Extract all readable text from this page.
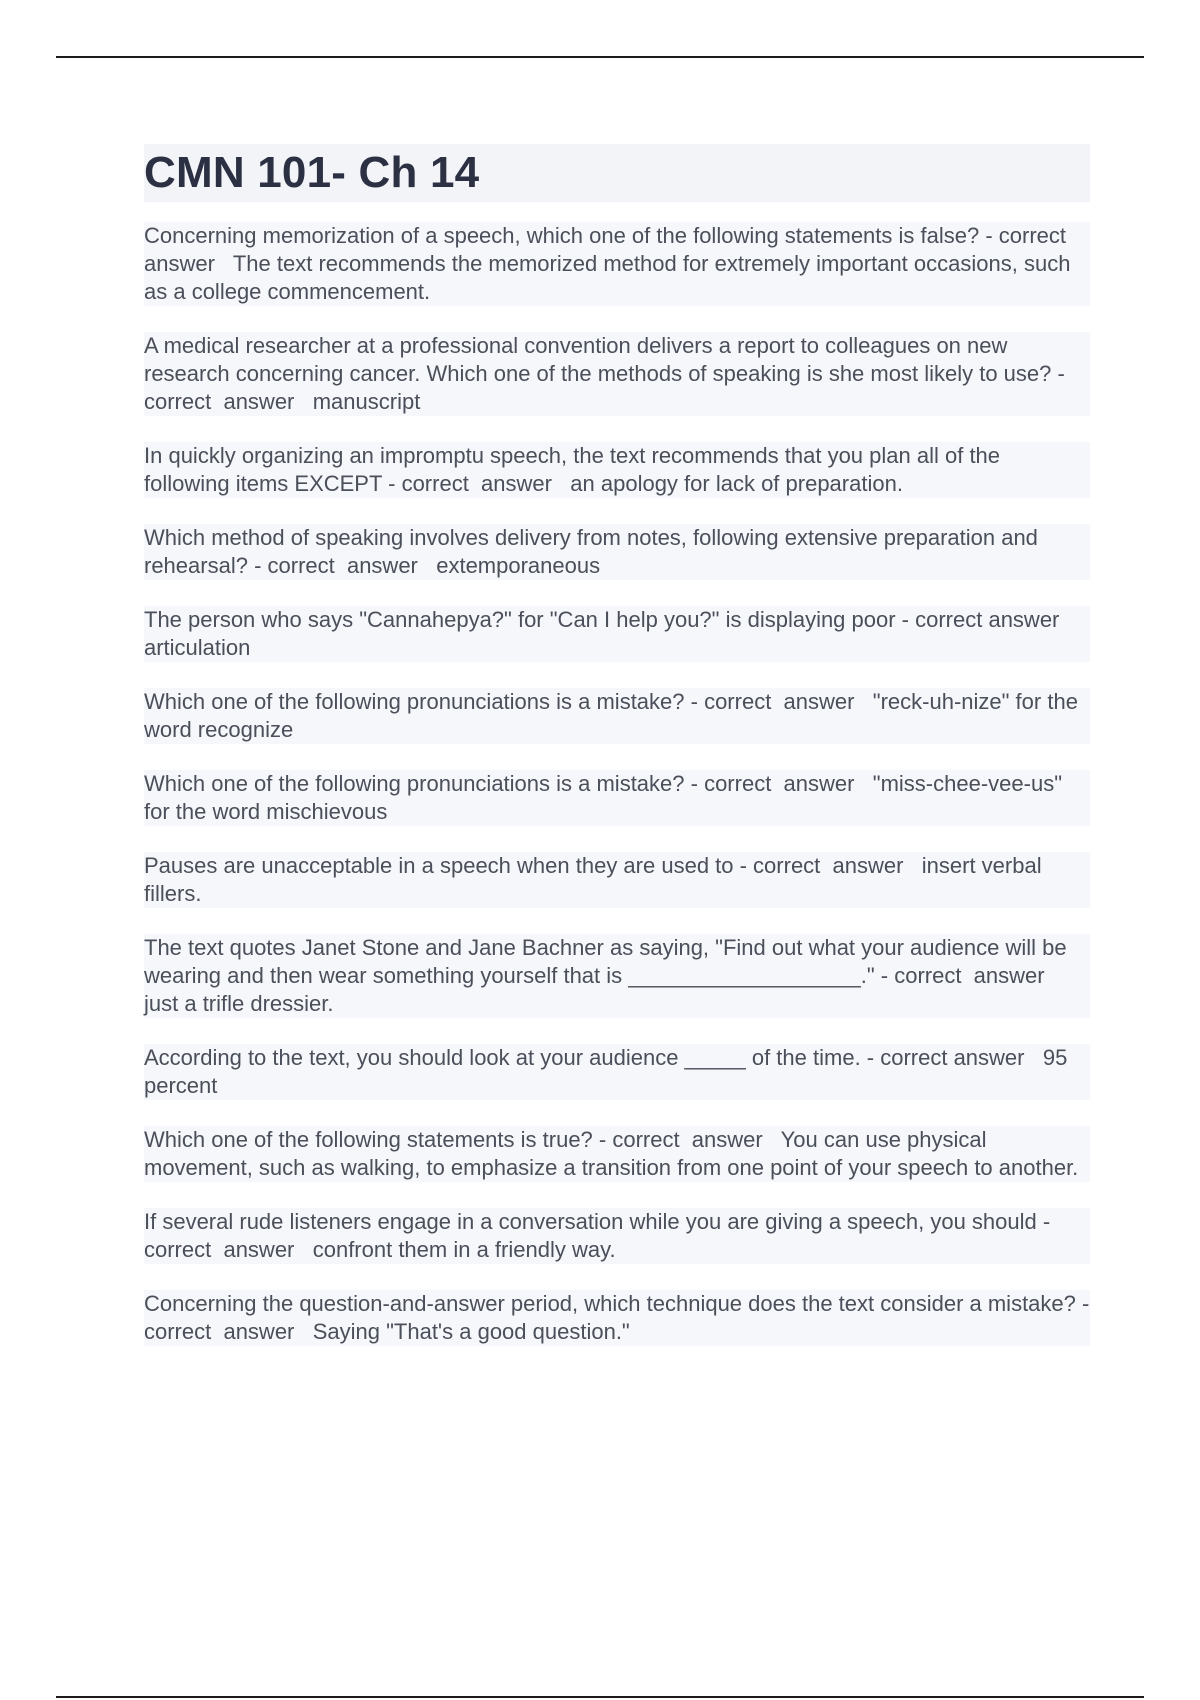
CMN 101- Ch 14
Concerning memorization of a speech, which one of the following statements is false? - correct  answer   The text recommends the memorized method for extremely important occasions, such as a college commencement.
A medical researcher at a professional convention delivers a report to colleagues on new research concerning cancer. Which one of the methods of speaking is she most likely to use? - correct  answer   manuscript
In quickly organizing an impromptu speech, the text recommends that you plan all of the following items EXCEPT - correct  answer   an apology for lack of preparation.
Which method of speaking involves delivery from notes, following extensive preparation and rehearsal? - correct  answer   extemporaneous
The person who says "Cannahepya?" for "Can I help you?" is displaying poor - correct answer   articulation
Which one of the following pronunciations is a mistake? - correct  answer   "reck-uh-nize" for the word recognize
Which one of the following pronunciations is a mistake? - correct  answer   "miss-chee-vee-us" for the word mischievous
Pauses are unacceptable in a speech when they are used to - correct  answer   insert verbal fillers.
The text quotes Janet Stone and Jane Bachner as saying, "Find out what your audience will be wearing and then wear something yourself that is ___________________." - correct  answer   just a trifle dressier.
According to the text, you should look at your audience _____ of the time. - correct answer   95 percent
Which one of the following statements is true? - correct  answer   You can use physical movement, such as walking, to emphasize a transition from one point of your speech to another.
If several rude listeners engage in a conversation while you are giving a speech, you should - correct  answer   confront them in a friendly way.
Concerning the question-and-answer period, which technique does the text consider a mistake? - correct  answer   Saying "That's a good question."
